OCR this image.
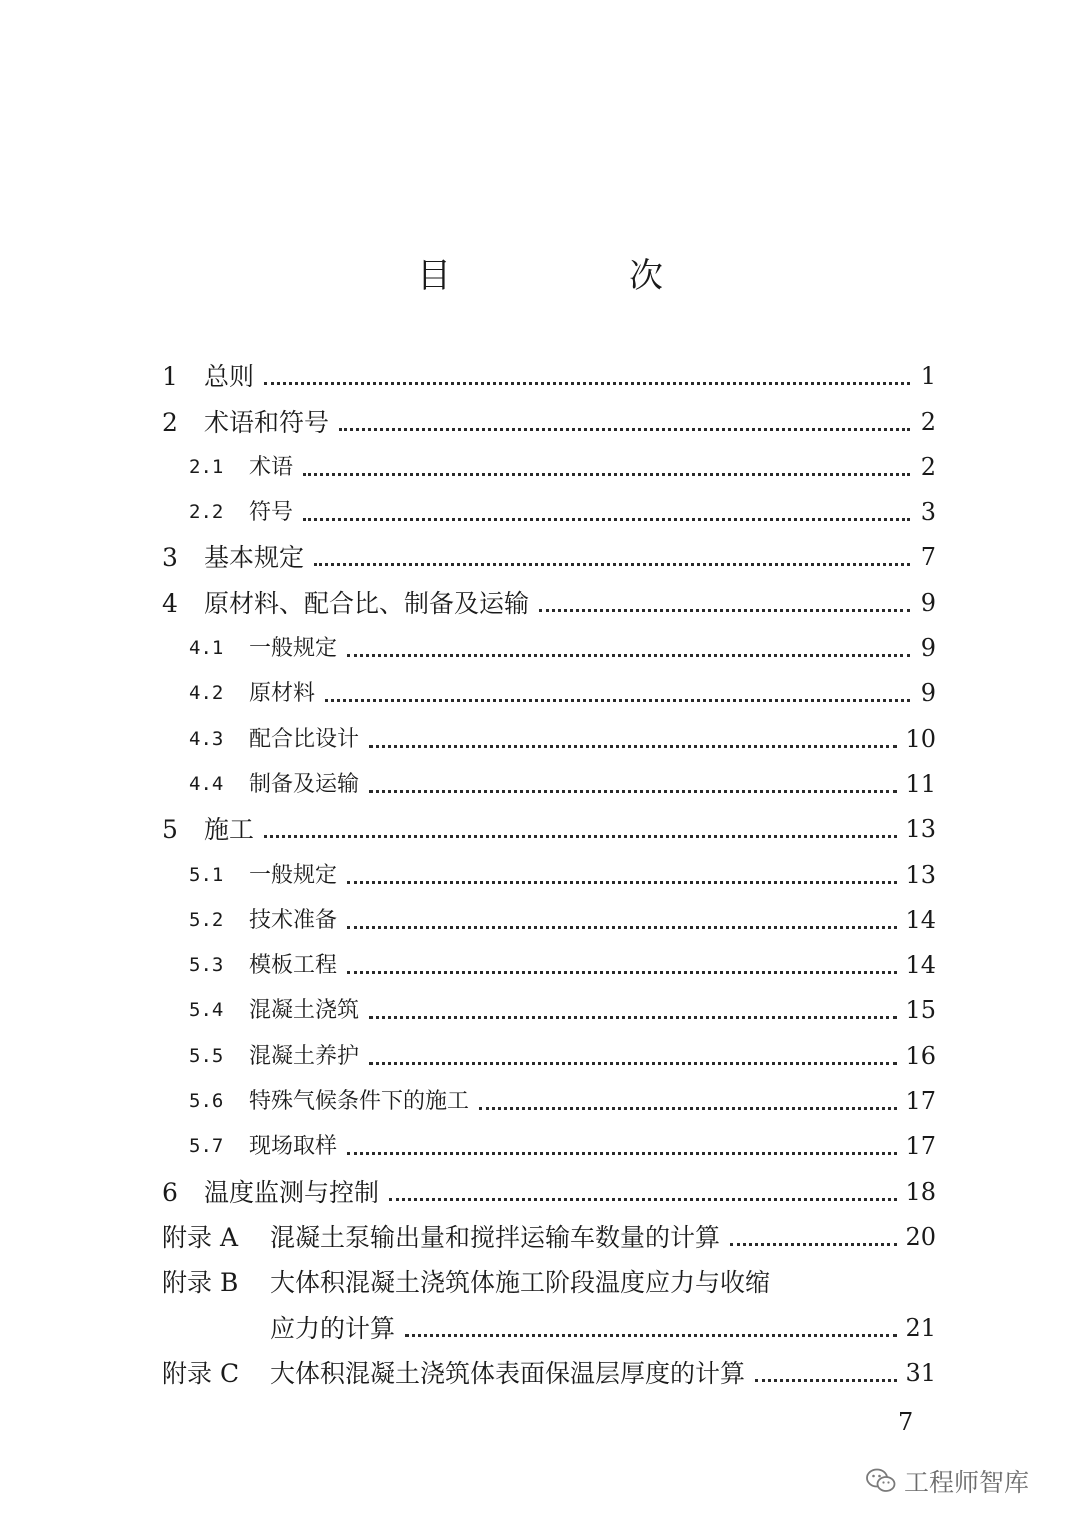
目　次
1	总则	1
2	术语和符号	2
2.1	术语	2
2.2	符号	3
3	基本规定	7
4	原材料、配合比、制备及运输	9
4.1	一般规定	9
4.2	原材料	9
4.3	配合比设计	10
4.4	制备及运输	11
5	施工	13
5.1	一般规定	13
5.2	技术准备	14
5.3	模板工程	14
5.4	混凝土浇筑	15
5.5	混凝土养护	16
5.6	特殊气候条件下的施工	17
5.7	现场取样	17
6	温度监测与控制	18
附录 A	混凝土泵输出量和搅拌运输车数量的计算	20
附录 B	大体积混凝土浇筑体施工阶段温度应力与收缩
应力的计算	21
附录 C	大体积混凝土浇筑体表面保温层厚度的计算	31
7
工程师智库
